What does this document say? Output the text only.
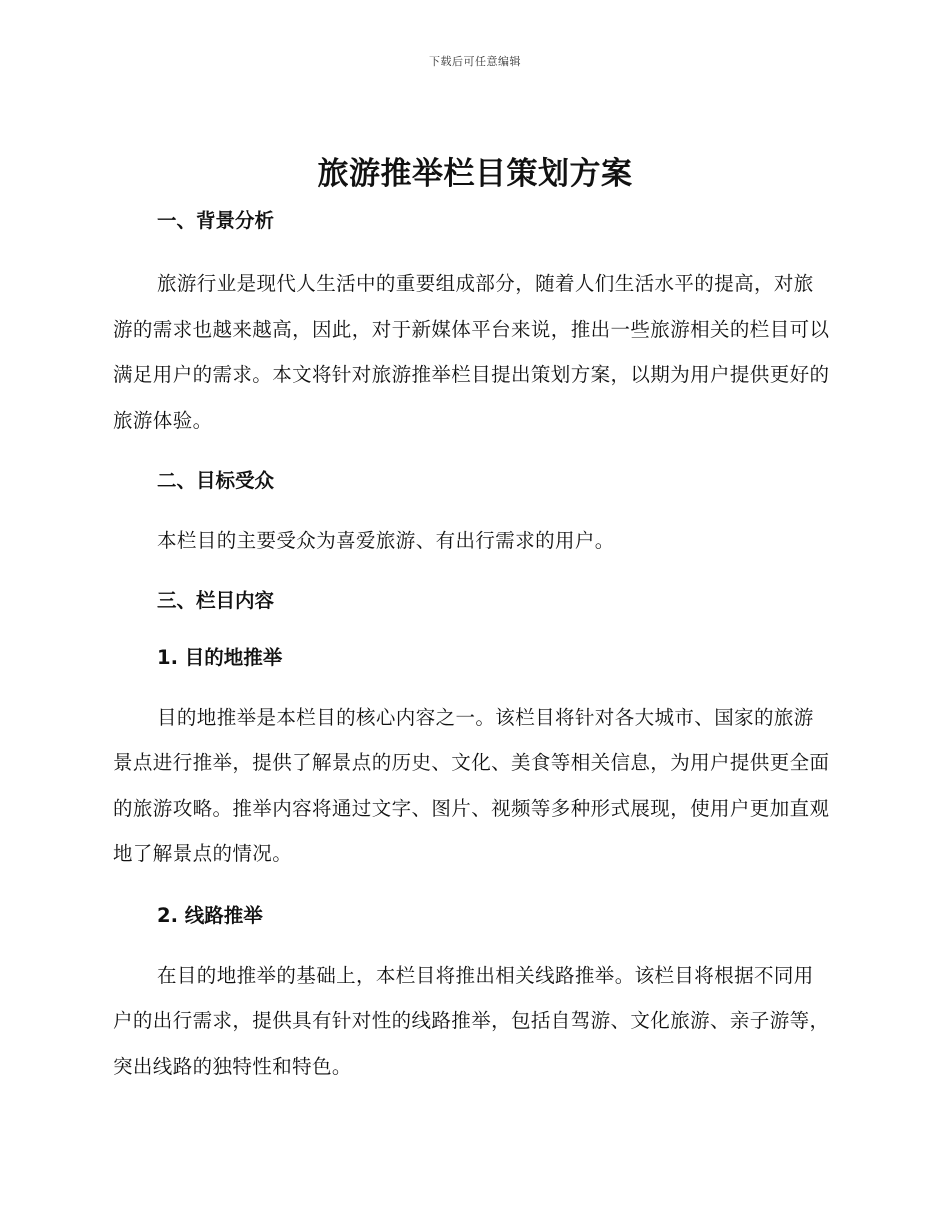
下载后可任意编辑
旅游推举栏目策划方案

一、背景分析

旅游行业是现代人生活中的重要组成部分，随着人们生活水平的提高，对旅游的需求也越来越高，因此，对于新媒体平台来说，推出一些旅游相关的栏目可以满足用户的需求。本文将针对旅游推举栏目提出策划方案，以期为用户提供更好的旅游体验。

二、目标受众

本栏目的主要受众为喜爱旅游、有出行需求的用户。

三、栏目内容

1. 目的地推举

目的地推举是本栏目的核心内容之一。该栏目将针对各大城市、国家的旅游景点进行推举，提供了解景点的历史、文化、美食等相关信息，为用户提供更全面的旅游攻略。推举内容将通过文字、图片、视频等多种形式展现，使用户更加直观地了解景点的情况。

2. 线路推举

在目的地推举的基础上，本栏目将推出相关线路推举。该栏目将根据不同用户的出行需求，提供具有针对性的线路推举，包括自驾游、文化旅游、亲子游等，突出线路的独特性和特色。
